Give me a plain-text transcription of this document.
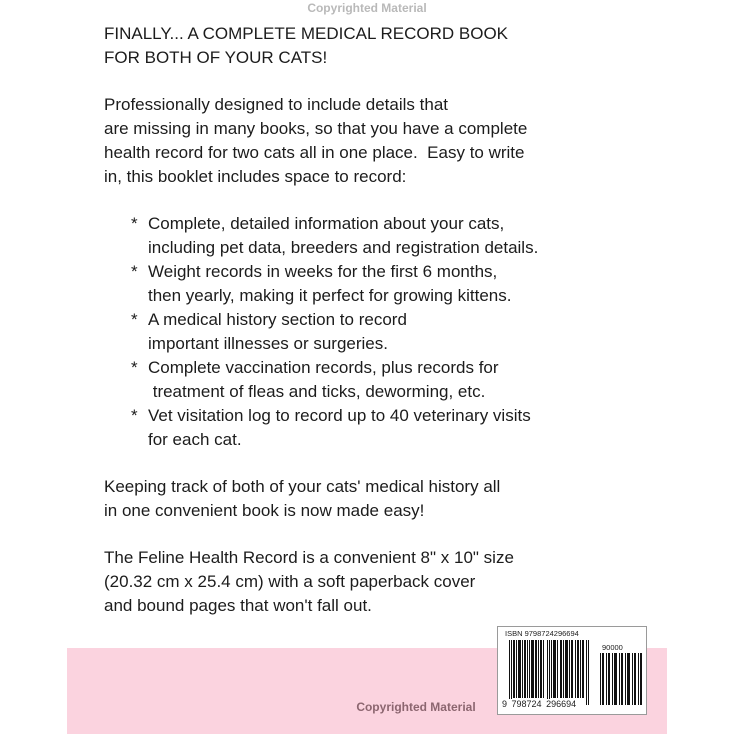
Copyrighted Material

FINALLY... A COMPLETE MEDICAL RECORD BOOK

FOR BOTH OF YOUR CATS!

Professionally designed to include details that

are missing in many books, so that you have a complete

health record for two cats all in one place.  Easy to write

in, this booklet includes space to record:

* Complete, detailed information about your cats,
including pet data, breeders and registration details.
* Weight records in weeks for the first 6 months,
then yearly, making it perfect for growing kittens.
* A medical history section to record
important illnesses or surgeries.
* Complete vaccination records, plus records for
treatment of fleas and ticks, deworming, etc.
* Vet visitation log to record up to 40 veterinary visits
for each cat.

Keeping track of both of your cats' medical history all

in one convenient book is now made easy!

The Feline Health Record is a convenient 8" x 10" size

(20.32 cm x 25.4 cm) with a soft paperback cover

and bound pages that won't fall out.

Copyrighted Material
ISBN 9798724296694
90000
9 798724 296694
